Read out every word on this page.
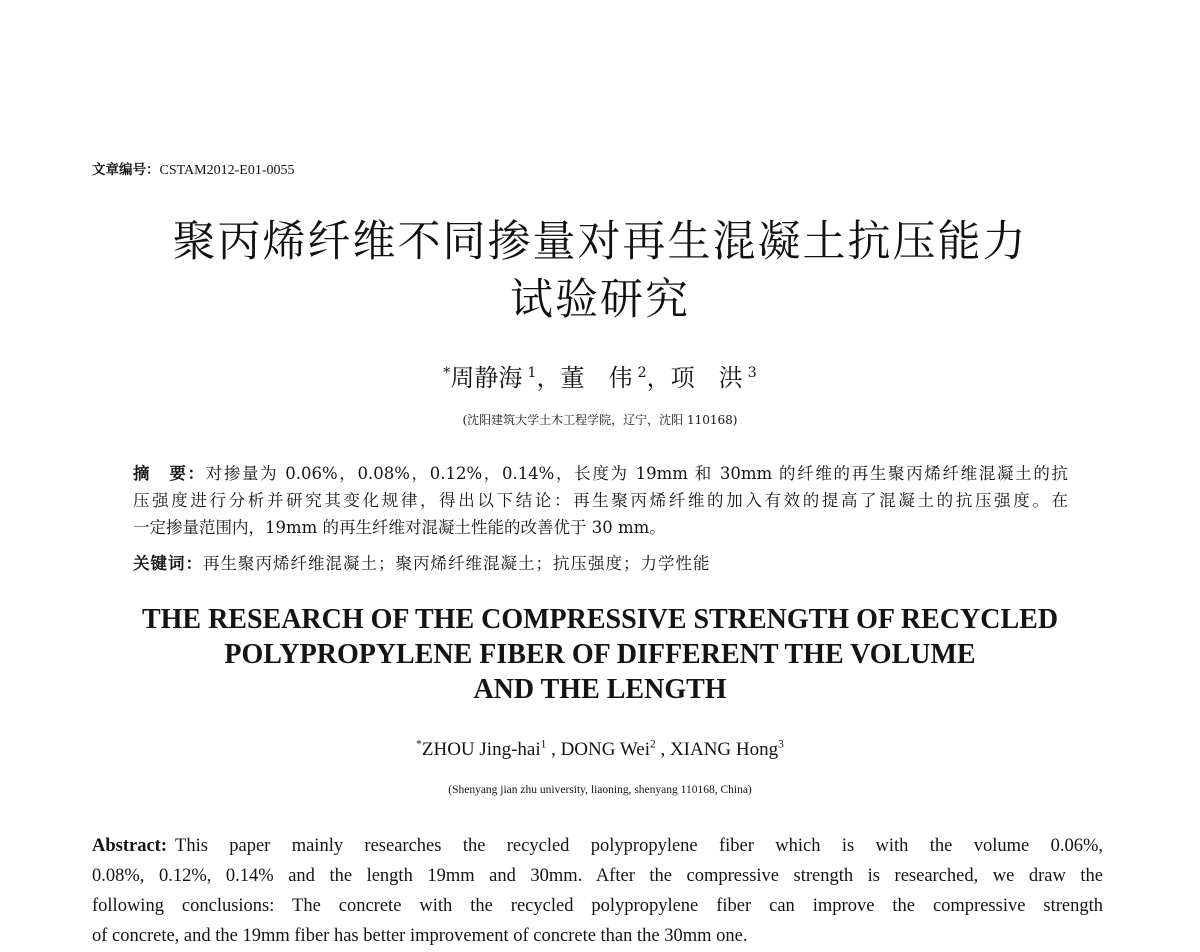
文章编号：CSTAM2012-E01-0055
聚丙烯纤维不同掺量对再生混凝土抗压能力
试验研究
*周静海 $^1$，董　伟 $^2$，项　洪 $^3$
(沈阳建筑大学土木工程学院，辽宁，沈阳 110168)
摘　要：对掺量为 0.06%，0.08%，0.12%，0.14%，长度为 19mm 和 30mm 的纤维的再生聚丙烯纤维混凝土的抗
压强度进行分析并研究其变化规律，得出以下结论：再生聚丙烯纤维的加入有效的提高了混凝土的抗压强度。在
一定掺量范围内，19mm 的再生纤维对混凝土性能的改善优于 30 mm。
关键词：再生聚丙烯纤维混凝土；聚丙烯纤维混凝土；抗压强度；力学性能
THE RESEARCH OF THE COMPRESSIVE STRENGTH OF RECYCLED
POLYPROPYLENE FIBER OF DIFFERENT THE VOLUME
AND THE LENGTH
*ZHOU Jing-hai$^1$ , DONG Wei$^2$ , XIANG Hong$^3$
(Shenyang jian zhu university, liaoning, shenyang 110168, China)
Abstract: This paper mainly researches the recycled polypropylene fiber which is with the volume 0.06%,
0.08%, 0.12%, 0.14% and the length 19mm and 30mm. After the compressive strength is researched, we draw the
following conclusions: The concrete with the recycled polypropylene fiber can improve the compressive strength
of concrete, and the 19mm fiber has better improvement of concrete than the 30mm one.
